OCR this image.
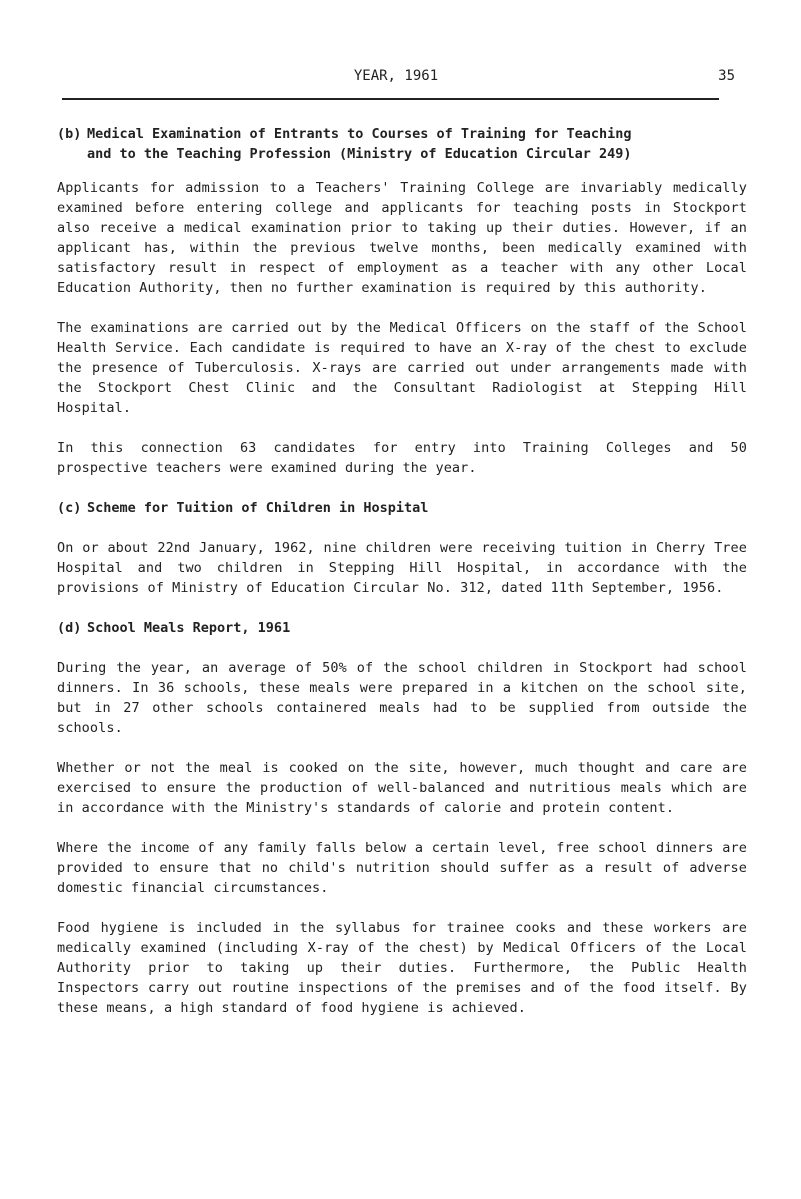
YEAR, 1961	35

(b) Medical Examination of Entrants to Courses of Training for Teaching

and to the Teaching Profession (Ministry of Education Circular 249)

Applicants for admission to a Teachers' Training College are invariably medically examined before entering college and applicants for teaching posts in Stockport also receive a medical examination prior to taking up their duties. However, if an applicant has, within the previous twelve months, been medically examined with satisfactory result in respect of employment as a teacher with any other Local Education Authority, then no further examination is required by this authority.

The examinations are carried out by the Medical Officers on the staff of the School Health Service. Each candidate is required to have an X-ray of the chest to exclude the presence of Tuberculosis. X-rays are carried out under arrangements made with the Stockport Chest Clinic and the Consultant Radiologist at Stepping Hill Hospital.

In this connection 63 candidates for entry into Training Colleges and 50 prospective teachers were examined during the year.

(c) Scheme for Tuition of Children in Hospital

On or about 22nd January, 1962, nine children were receiving tuition in Cherry Tree Hospital and two children in Stepping Hill Hospital, in accordance with the provisions of Ministry of Education Circular No. 312, dated 11th September, 1956.

(d) School Meals Report, 1961

During the year, an average of 50% of the school children in Stockport had school dinners. In 36 schools, these meals were prepared in a kitchen on the school site, but in 27 other schools containered meals had to be supplied from outside the schools.

Whether or not the meal is cooked on the site, however, much thought and care are exercised to ensure the production of well-balanced and nutritious meals which are in accordance with the Ministry's standards of calorie and protein content.

Where the income of any family falls below a certain level, free school dinners are provided to ensure that no child's nutrition should suffer as a result of adverse domestic financial circumstances.

Food hygiene is included in the syllabus for trainee cooks and these workers are medically examined (including X-ray of the chest) by Medical Officers of the Local Authority prior to taking up their duties. Furthermore, the Public Health Inspectors carry out routine inspections of the premises and of the food itself. By these means, a high standard of food hygiene is achieved.
